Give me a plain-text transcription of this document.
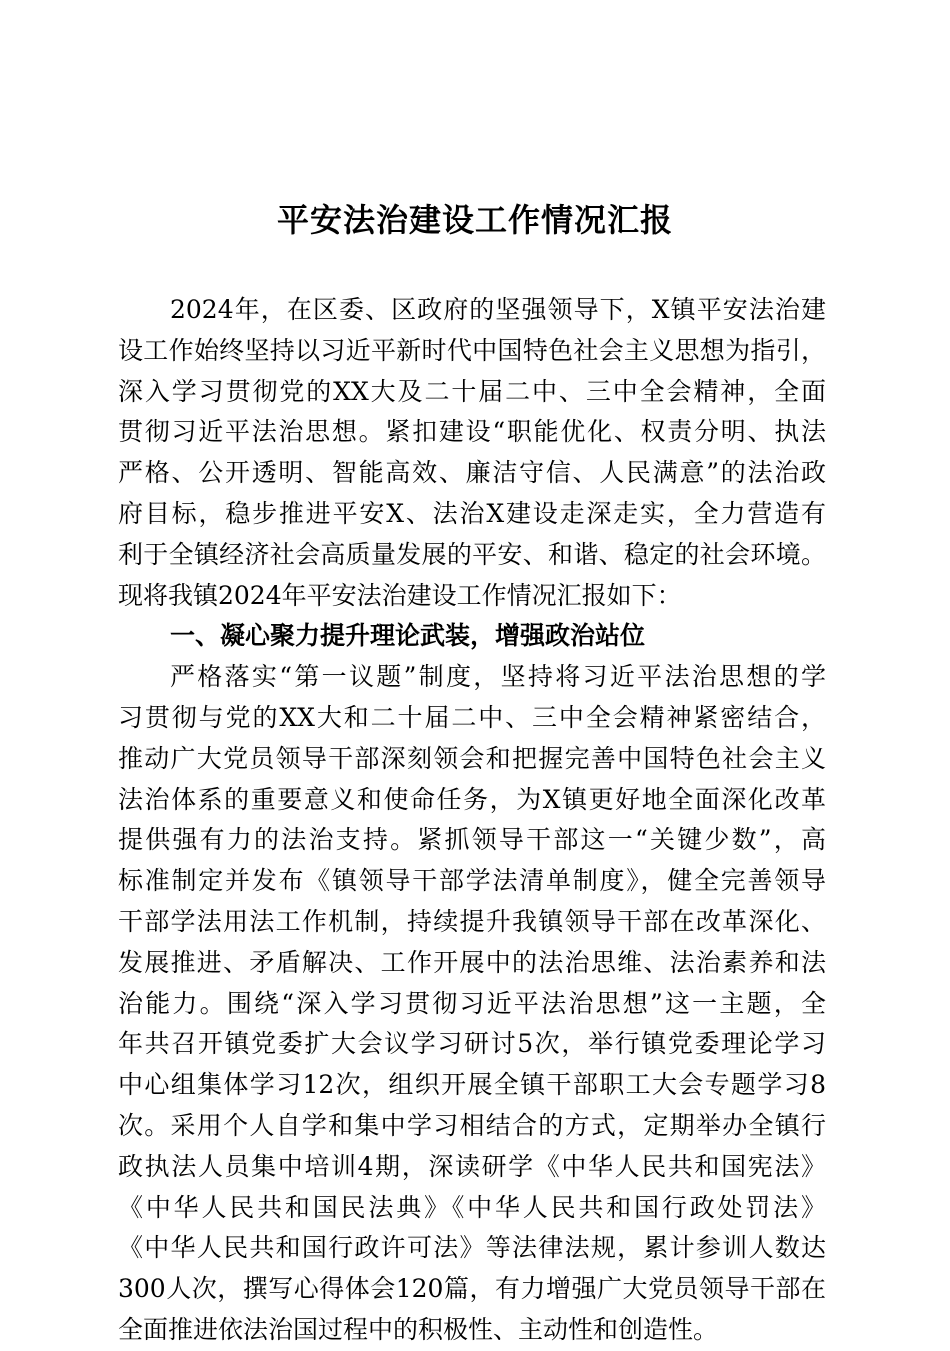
平安法治建设工作情况汇报

2024年，在区委、区政府的坚强领导下，X镇平安法治建

设工作始终坚持以习近平新时代中国特色社会主义思想为指引，

深入学习贯彻党的XX大及二十届二中、三中全会精神，全面

贯彻习近平法治思想。紧扣建设“职能优化、权责分明、执法

严格、公开透明、智能高效、廉洁守信、人民满意”的法治政

府目标，稳步推进平安X、法治X建设走深走实，全力营造有

利于全镇经济社会高质量发展的平安、和谐、稳定的社会环境。

现将我镇2024年平安法治建设工作情况汇报如下：

一、凝心聚力提升理论武装，增强政治站位

严格落实“第一议题”制度，坚持将习近平法治思想的学

习贯彻与党的XX大和二十届二中、三中全会精神紧密结合，

推动广大党员领导干部深刻领会和把握完善中国特色社会主义

法治体系的重要意义和使命任务，为X镇更好地全面深化改革

提供强有力的法治支持。紧抓领导干部这一“关键少数”，高

标准制定并发布《镇领导干部学法清单制度》，健全完善领导

干部学法用法工作机制，持续提升我镇领导干部在改革深化、

发展推进、矛盾解决、工作开展中的法治思维、法治素养和法

治能力。围绕“深入学习贯彻习近平法治思想”这一主题，全

年共召开镇党委扩大会议学习研讨5次，举行镇党委理论学习

中心组集体学习12次，组织开展全镇干部职工大会专题学习8

次。采用个人自学和集中学习相结合的方式，定期举办全镇行

政执法人员集中培训4期，深读研学《中华人民共和国宪法》

《中华人民共和国民法典》《中华人民共和国行政处罚法》

《中华人民共和国行政许可法》等法律法规，累计参训人数达

300人次，撰写心得体会120篇，有力增强广大党员领导干部在

全面推进依法治国过程中的积极性、主动性和创造性。
